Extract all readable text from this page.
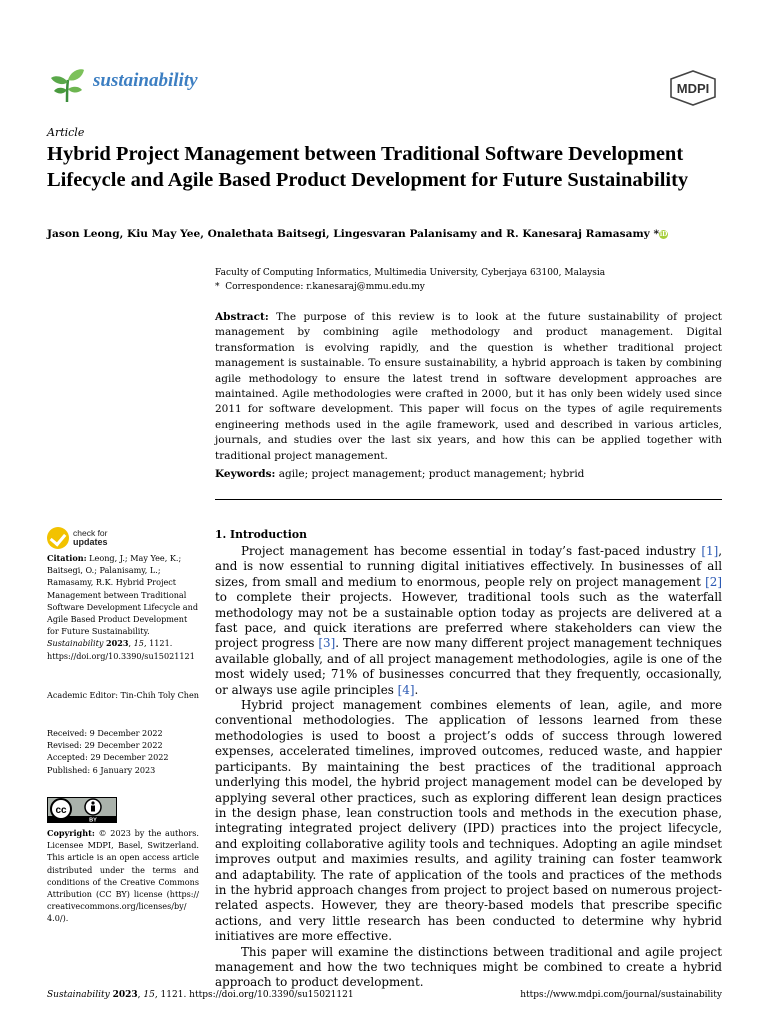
sustainability	MDPI
Article
Hybrid Project Management between Traditional Software Development Lifecycle and Agile Based Product Development for Future Sustainability
Jason Leong, Kiu May Yee, Onalethata Baitsegi, Lingesvaran Palanisamy and R. Kanesaraj Ramasamy *iD
Faculty of Computing Informatics, Multimedia University, Cyberjaya 63100, Malaysia
* Correspondence: r.kanesaraj@mmu.edu.my
Abstract: The purpose of this review is to look at the future sustainability of project management by combining agile methodology and product management. Digital transformation is evolving rapidly, and the question is whether traditional project management is sustainable. To ensure sustainability, a hybrid approach is taken by combining agile methodology to ensure the latest trend in software development approaches are maintained. Agile methodologies were crafted in 2000, but it has only been widely used since 2011 for software development. This paper will focus on the types of agile requirements engineering methods used in the agile framework, used and described in various articles, journals, and studies over the last six years, and how this can be applied together with traditional project management.
Keywords: agile; project management; product management; hybrid
check for
updates
Citation: Leong, J.; May Yee, K.; Baitsegi, O.; Palanisamy, L.; Ramasamy, R.K. Hybrid Project Management between Traditional Software Development Lifecycle and Agile Based Product Development for Future Sustainability. Sustainability 2023, 15, 1121. https://doi.org/10.3390/su15021121
Academic Editor: Tin-Chih Toly Chen
Received: 9 December 2022
Revised: 29 December 2022
Accepted: 29 December 2022
Published: 6 January 2023
cc
BY
Copyright: © 2023 by the authors. Licensee MDPI, Basel, Switzerland. This article is an open access article distributed under the terms and conditions of the Creative Commons Attribution (CC BY) license (https:// creativecommons.org/licenses/by/ 4.0/).
1. Introduction

Project management has become essential in today’s fast-paced industry [1], and is now essential to running digital initiatives effectively. In businesses of all sizes, from small and medium to enormous, people rely on project management [2] to complete their projects. However, traditional tools such as the waterfall methodology may not be a sustainable option today as projects are delivered at a fast pace, and quick iterations are preferred where stakeholders can view the project progress [3]. There are now many different project management techniques available globally, and of all project management methodologies, agile is one of the most widely used; 71% of businesses concurred that they frequently, occasionally, or always use agile principles [4].

Hybrid project management combines elements of lean, agile, and more conventional methodologies. The application of lessons learned from these methodologies is used to boost a project’s odds of success through lowered expenses, accelerated timelines, improved outcomes, reduced waste, and happier participants. By maintaining the best practices of the traditional approach underlying this model, the hybrid project management model can be developed by applying several other practices, such as exploring different lean design practices in the design phase, lean construction tools and methods in the execution phase, integrating integrated project delivery (IPD) practices into the project lifecycle, and exploiting collaborative agility tools and techniques. Adopting an agile mindset improves output and maximies results, and agility training can foster teamwork and adaptability. The rate of application of the tools and practices of the methods in the hybrid approach changes from project to project based on numerous project-related aspects. However, they are theory-based models that prescribe specific actions, and very little research has been conducted to determine why hybrid initiatives are more effective.

This paper will examine the distinctions between traditional and agile project management and how the two techniques might be combined to create a hybrid approach to product development.

Sustainability 2023, 15, 1121. https://doi.org/10.3390/su15021121	https://www.mdpi.com/journal/sustainability
